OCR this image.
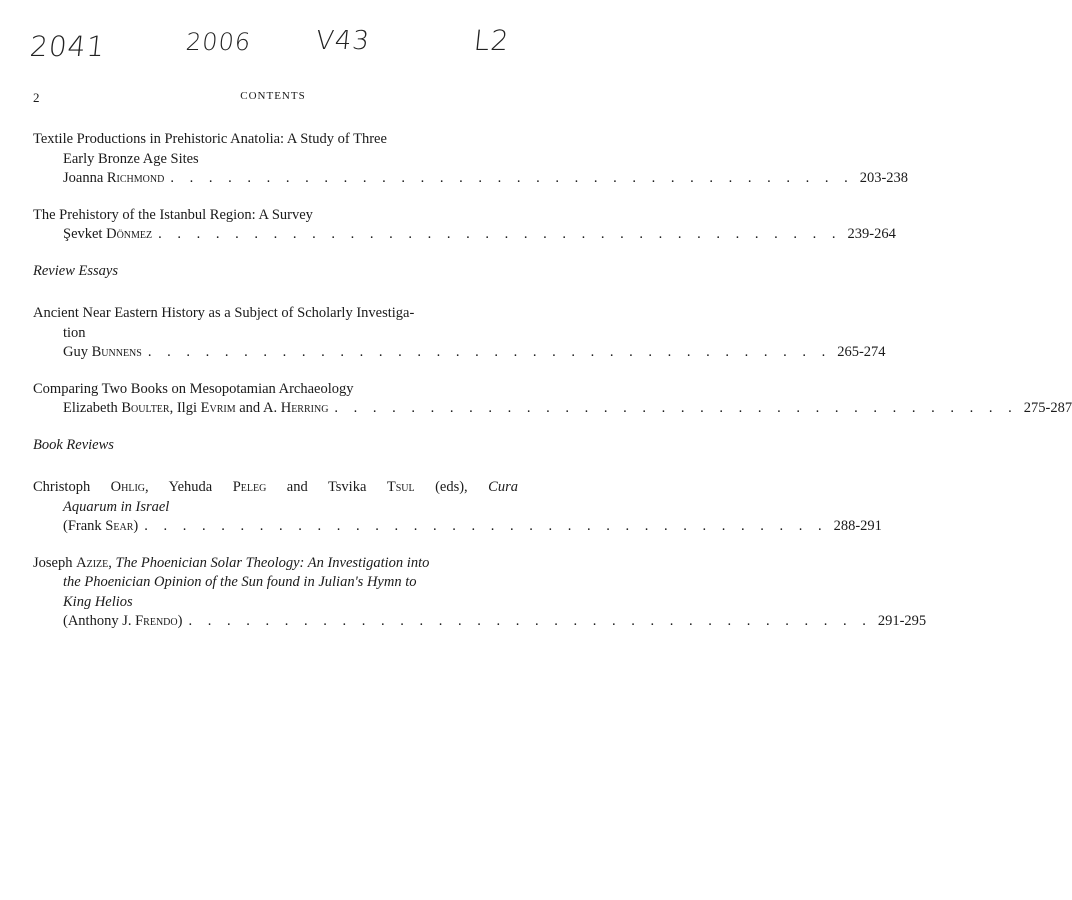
2041	2006 V43	L2
2	CONTENTS
Textile Productions in Prehistoric Anatolia: A Study of Three
Early Bronze Age Sites
Joanna Richmond . . . . . . . . . . . . . . . . . . . . . . . . . . . . . . . . . . . . 203-238
The Prehistory of the Istanbul Region: A Survey
Şevket Dönmez . . . . . . . . . . . . . . . . . . . . . . . . . . . . . . . . . . . . 239-264
Review Essays
Ancient Near Eastern History as a Subject of Scholarly Investiga-
tion
Guy Bunnens . . . . . . . . . . . . . . . . . . . . . . . . . . . . . . . . . . . . 265-274
Comparing Two Books on Mesopotamian Archaeology
Elizabeth Boulter, Ilgi Evrim and A. Herring . . . . . . . . . . . . . . . . . . . . . . . . . . . . . . . . . . . . 275-287
Book Reviews
Christoph Ohlig, Yehuda Peleg and Tsvika Tsul (eds), Cura
Aquarum in Israel
(Frank Sear) . . . . . . . . . . . . . . . . . . . . . . . . . . . . . . . . . . . . 288-291
Joseph Azize, The Phoenician Solar Theology: An Investigation into
the Phoenician Opinion of the Sun found in Julian's Hymn to
King Helios
(Anthony J. Frendo) . . . . . . . . . . . . . . . . . . . . . . . . . . . . . . . . . . . . 291-295
